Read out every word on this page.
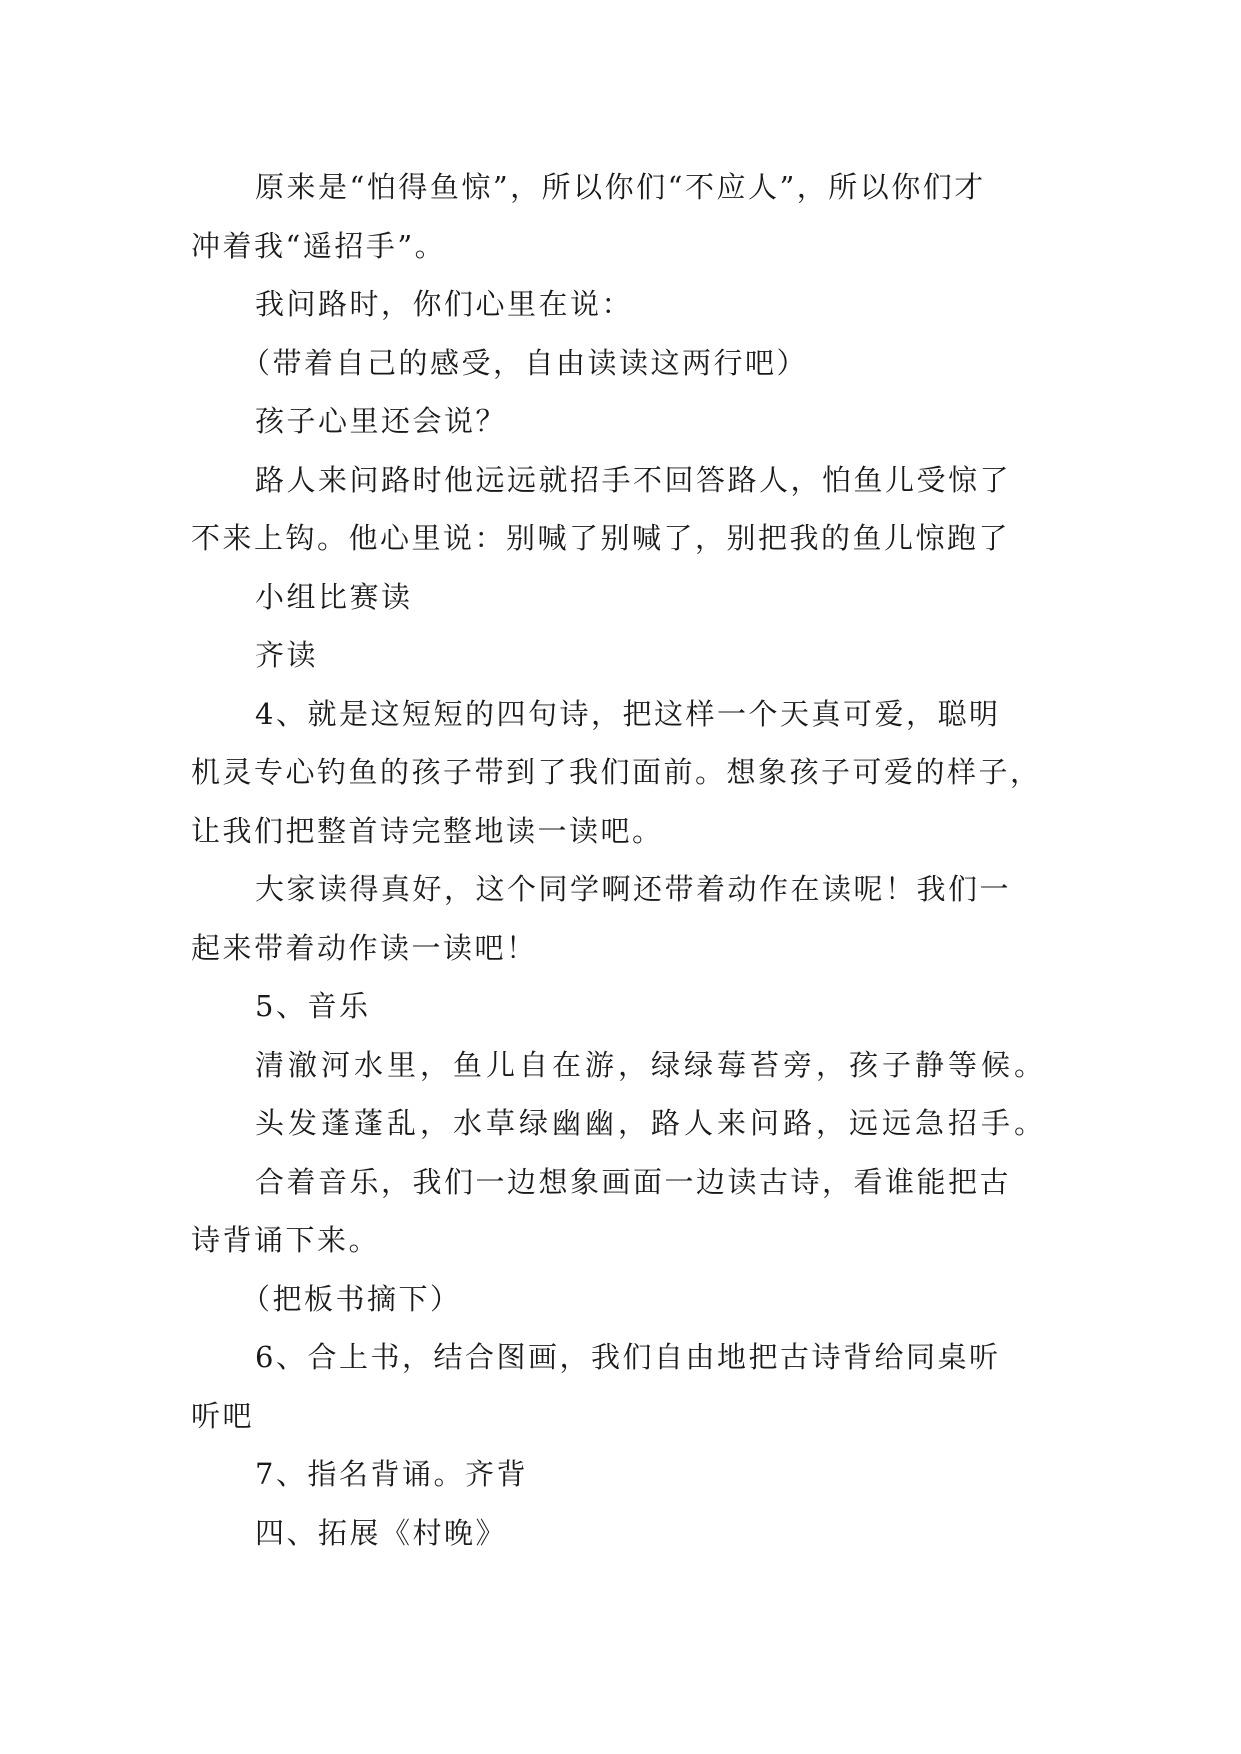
原来是“怕得鱼惊”，所以你们“不应人”，所以你们才
冲着我“遥招手”。
我问路时，你们心里在说：
（带着自己的感受，自由读读这两行吧）
孩子心里还会说？
路人来问路时他远远就招手不回答路人，怕鱼儿受惊了
不来上钩。他心里说：别喊了别喊了，别把我的鱼儿惊跑了
小组比赛读
齐读
4、就是这短短的四句诗，把这样一个天真可爱，聪明
机灵专心钓鱼的孩子带到了我们面前。想象孩子可爱的样子，
让我们把整首诗完整地读一读吧。
大家读得真好，这个同学啊还带着动作在读呢！我们一
起来带着动作读一读吧！
5、音乐
清澈河水里，鱼儿自在游，绿绿莓苔旁，孩子静等候。
头发蓬蓬乱，水草绿幽幽，路人来问路，远远急招手。
合着音乐，我们一边想象画面一边读古诗，看谁能把古
诗背诵下来。
（把板书摘下）
6、合上书，结合图画，我们自由地把古诗背给同桌听
听吧
7、指名背诵。齐背
四、拓展《村晚》
